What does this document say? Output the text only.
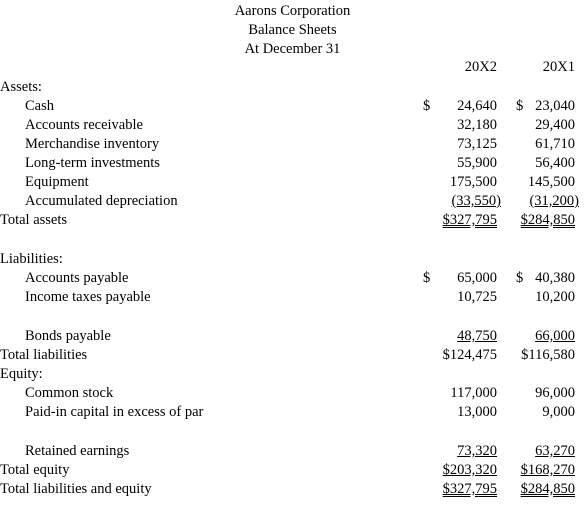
Aarons Corporation
Balance Sheets
At December 31
20X2	20X1
Assets:
Cash	$ 24,640 $ 23,040
Accounts receivable	32,180	29,400
Merchandise inventory	73,125	61,710
Long-term investments	55,900	56,400
Equipment	175,500 145,500
Accumulated depreciation	(33,550) (31,200)
Total assets	$327,795 $284,850
Liabilities:
Accounts payable	$ 65,000 $ 40,380
Income taxes payable	10,725	10,200
Bonds payable	48,750	66,000
Total liabilities	$124,475 $116,580
Equity:
Common stock	117,000	96,000
Paid-in capital in excess of par	13,000	9,000
Retained earnings	73,320	63,270
Total equity	$203,320 $168,270
Total liabilities and equity	$327,795 $284,850
